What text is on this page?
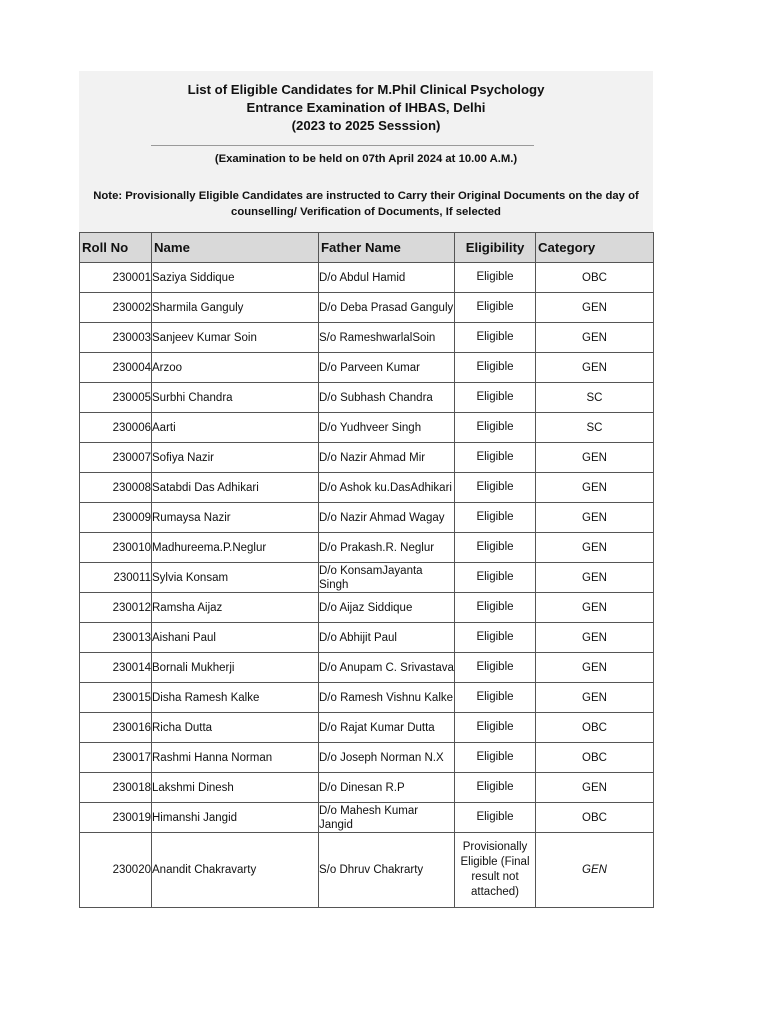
List of Eligible Candidates for M.Phil Clinical Psychology
Entrance Examination of IHBAS, Delhi
(2023 to 2025 Sesssion)
(Examination to be held on 07th April 2024 at 10.00 A.M.)
Note: Provisionally Eligible Candidates are instructed to Carry their Original Documents on the day of counselling/ Verification of Documents, If selected
Roll No	Name	Father Name	Eligibility	Category
230001	Saziya Siddique	D/o Abdul Hamid	Eligible	OBC
230002	Sharmila Ganguly	D/o Deba Prasad Ganguly	Eligible	GEN
230003	Sanjeev Kumar Soin	S/o RameshwarlalSoin	Eligible	GEN
230004	Arzoo	D/o Parveen Kumar	Eligible	GEN
230005	Surbhi Chandra	D/o Subhash Chandra	Eligible	SC
230006	Aarti	D/o Yudhveer Singh	Eligible	SC
230007	Sofiya Nazir	D/o Nazir Ahmad Mir	Eligible	GEN
230008	Satabdi Das Adhikari	D/o Ashok ku.DasAdhikari	Eligible	GEN
230009	Rumaysa Nazir	D/o Nazir Ahmad Wagay	Eligible	GEN
230010	Madhureema.P.Neglur	D/o Prakash.R. Neglur	Eligible	GEN
230011	Sylvia Konsam	D/o KonsamJayanta Singh	Eligible	GEN
230012	Ramsha Aijaz	D/o Aijaz Siddique	Eligible	GEN
230013	Aishani Paul	D/o Abhijit Paul	Eligible	GEN
230014	Bornali Mukherji	D/o Anupam C. Srivastava	Eligible	GEN
230015	Disha Ramesh Kalke	D/o Ramesh Vishnu Kalke	Eligible	GEN
230016	Richa Dutta	D/o Rajat Kumar Dutta	Eligible	OBC
230017	Rashmi Hanna Norman	D/o Joseph Norman N.X	Eligible	OBC
230018	Lakshmi Dinesh	D/o Dinesan R.P	Eligible	GEN
230019	Himanshi Jangid	D/o Mahesh Kumar Jangid	Eligible	OBC
230020	Anandit Chakravarty	S/o Dhruv Chakrarty	Provisionally Eligible (Final result not attached)	GEN
